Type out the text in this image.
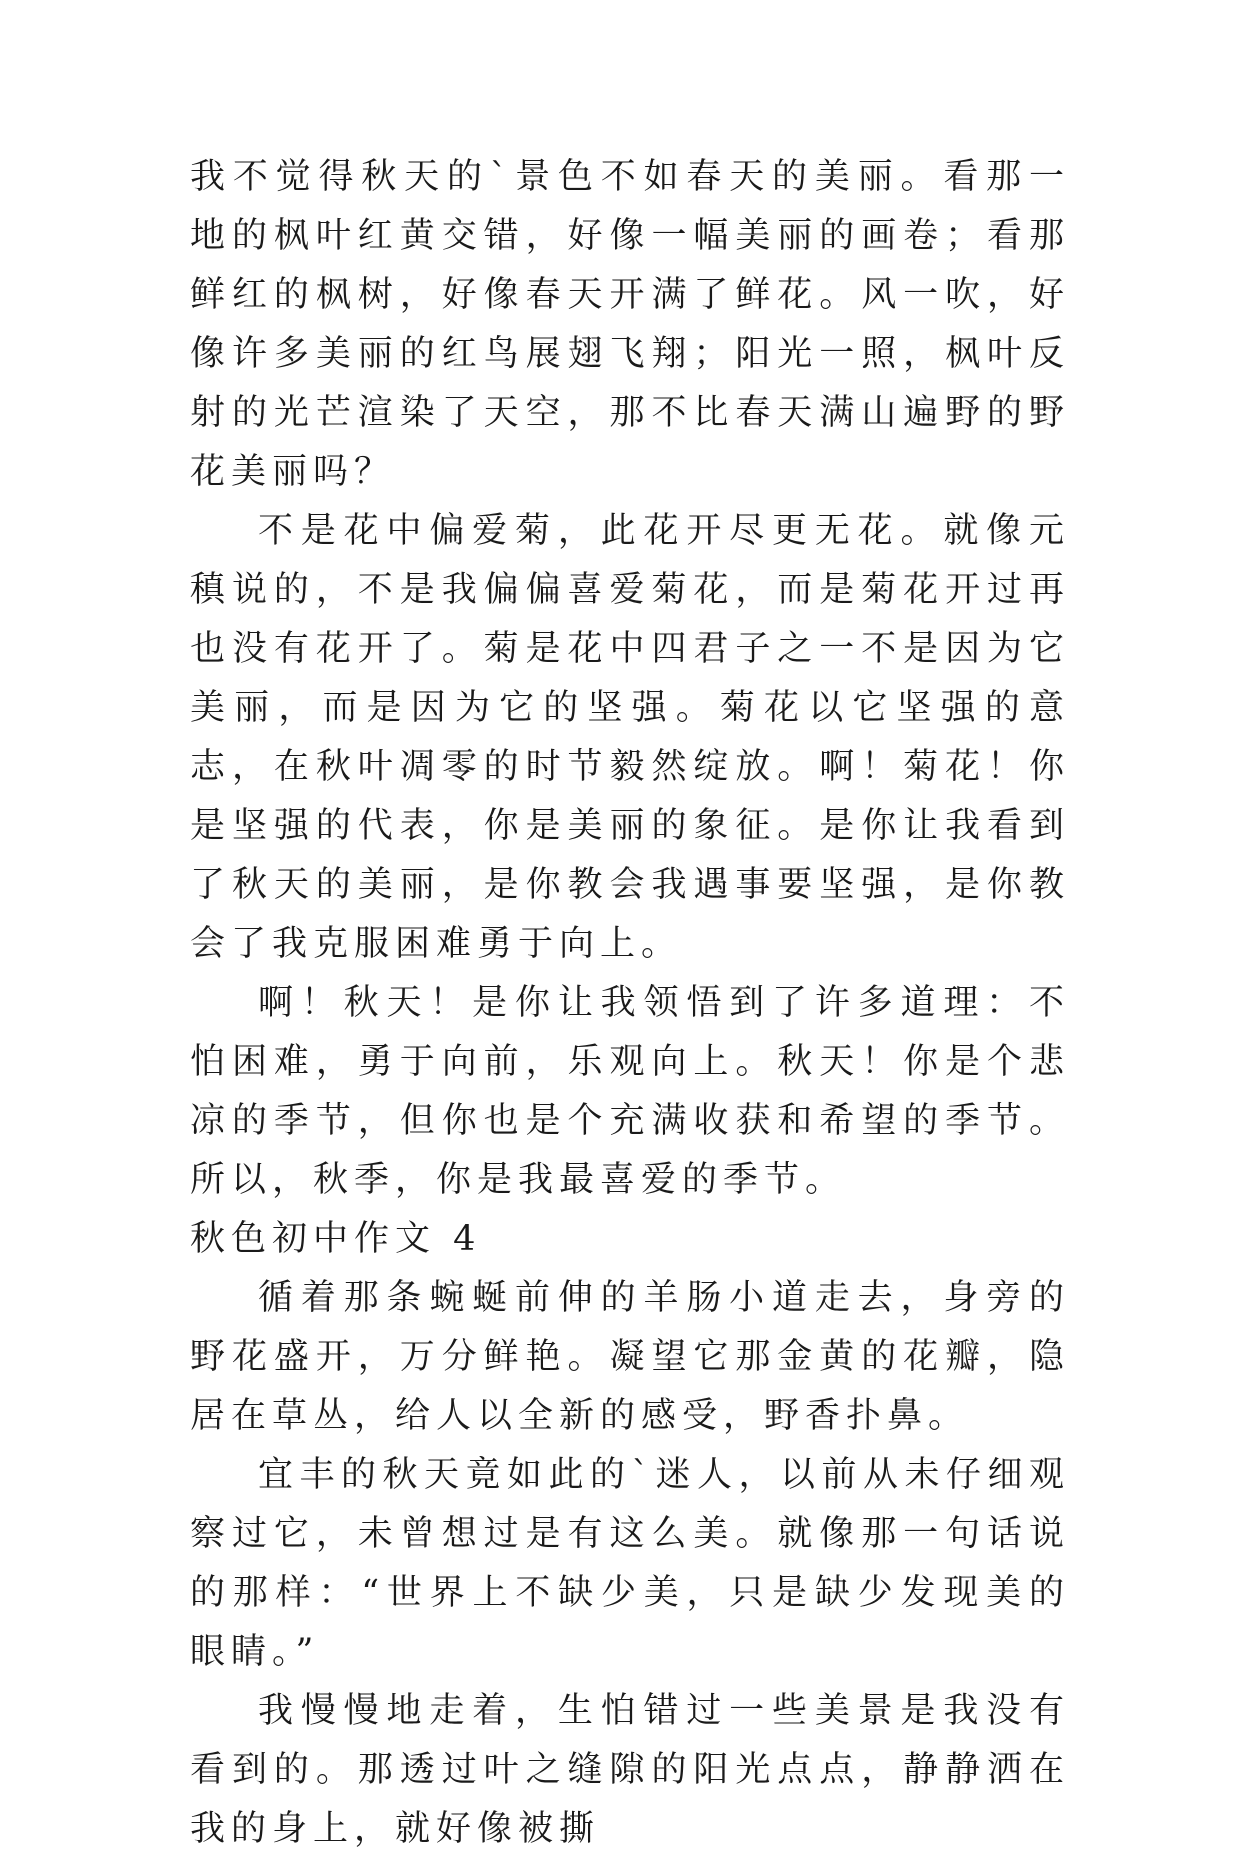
我不觉得秋天的`景色不如春天的美丽。看那一地的枫叶红黄交错，好像一幅美丽的画卷；看那鲜红的枫树，好像春天开满了鲜花。风一吹，好像许多美丽的红鸟展翅飞翔；阳光一照，枫叶反射的光芒渲染了天空，那不比春天满山遍野的野花美丽吗？

不是花中偏爱菊，此花开尽更无花。就像元稹说的，不是我偏偏喜爱菊花，而是菊花开过再也没有花开了。菊是花中四君子之一不是因为它美丽，而是因为它的坚强。菊花以它坚强的意志，在秋叶凋零的时节毅然绽放。啊！菊花！你是坚强的代表，你是美丽的象征。是你让我看到了秋天的美丽，是你教会我遇事要坚强，是你教会了我克服困难勇于向上。

啊！秋天！是你让我领悟到了许多道理：不怕困难，勇于向前，乐观向上。秋天！你是个悲凉的季节，但你也是个充满收获和希望的季节。所以，秋季，你是我最喜爱的季节。

秋色初中作文 4

循着那条蜿蜒前伸的羊肠小道走去，身旁的野花盛开，万分鲜艳。凝望它那金黄的花瓣，隐居在草丛，给人以全新的感受，野香扑鼻。

宜丰的秋天竟如此的`迷人，以前从未仔细观察过它，未曾想过是有这么美。就像那一句话说的那样：“世界上不缺少美，只是缺少发现美的眼睛。”

我慢慢地走着，生怕错过一些美景是我没有看到的。那透过叶之缝隙的阳光点点，静静洒在我的身上，就好像被撕
